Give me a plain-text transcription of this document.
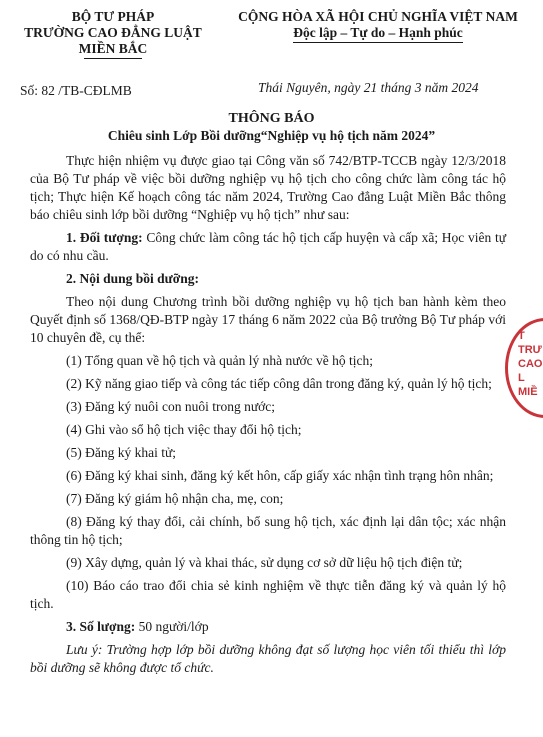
BỘ TƯ PHÁP
TRƯỜNG CAO ĐẲNG LUẬT
MIỀN BẮC
CỘNG HÒA XÃ HỘI CHỦ NGHĨA VIỆT NAM
Độc lập – Tự do – Hạnh phúc
Số: 82 /TB-CĐLMB	Thái Nguyên, ngày 21 tháng 3 năm 2024
THÔNG BÁO
Chiêu sinh Lớp Bồi dưỡng“Nghiệp vụ hộ tịch năm 2024”

Thực hiện nhiệm vụ được giao tại Công văn số 742/BTP-TCCB ngày 12/3/2018 của Bộ Tư pháp về việc bồi dưỡng nghiệp vụ hộ tịch cho công chức làm công tác hộ tịch; Thực hiện Kế hoạch công tác năm 2024, Trường Cao đẳng Luật Miền Bắc thông báo chiêu sinh lớp bồi dưỡng “Nghiệp vụ hộ tịch” như sau:

1. Đối tượng: Công chức làm công tác hộ tịch cấp huyện và cấp xã; Học viên tự do có nhu cầu.

2. Nội dung bồi dưỡng:

Theo nội dung Chương trình bồi dưỡng nghiệp vụ hộ tịch ban hành kèm theo Quyết định số 1368/QĐ-BTP ngày 17 tháng 6 năm 2022 của Bộ trưởng Bộ Tư pháp với 10 chuyên đề, cụ thể:

(1) Tổng quan về hộ tịch và quản lý nhà nước về hộ tịch;

(2) Kỹ năng giao tiếp và công tác tiếp công dân trong đăng ký, quản lý hộ tịch;

(3) Đăng ký nuôi con nuôi trong nước;

(4) Ghi vào sổ hộ tịch việc thay đổi hộ tịch;

(5) Đăng ký khai tử;

(6) Đăng ký khai sinh, đăng ký kết hôn, cấp giấy xác nhận tình trạng hôn nhân;

(7) Đăng ký giám hộ nhận cha, mẹ, con;

(8) Đăng ký thay đổi, cải chính, bổ sung hộ tịch, xác định lại dân tộc; xác nhận thông tin hộ tịch;

(9) Xây dựng, quản lý và khai thác, sử dụng cơ sở dữ liệu hộ tịch điện tử;

(10) Báo cáo trao đổi chia sẻ kinh nghiệm về thực tiễn đăng ký và quản lý hộ tịch.

3. Số lượng: 50 người/lớp

Lưu ý: Trường hợp lớp bồi dưỡng không đạt số lượng học viên tối thiểu thì lớp bồi dưỡng sẽ không được tổ chức.

T
TRƯ
CAO
L
MIỀ
